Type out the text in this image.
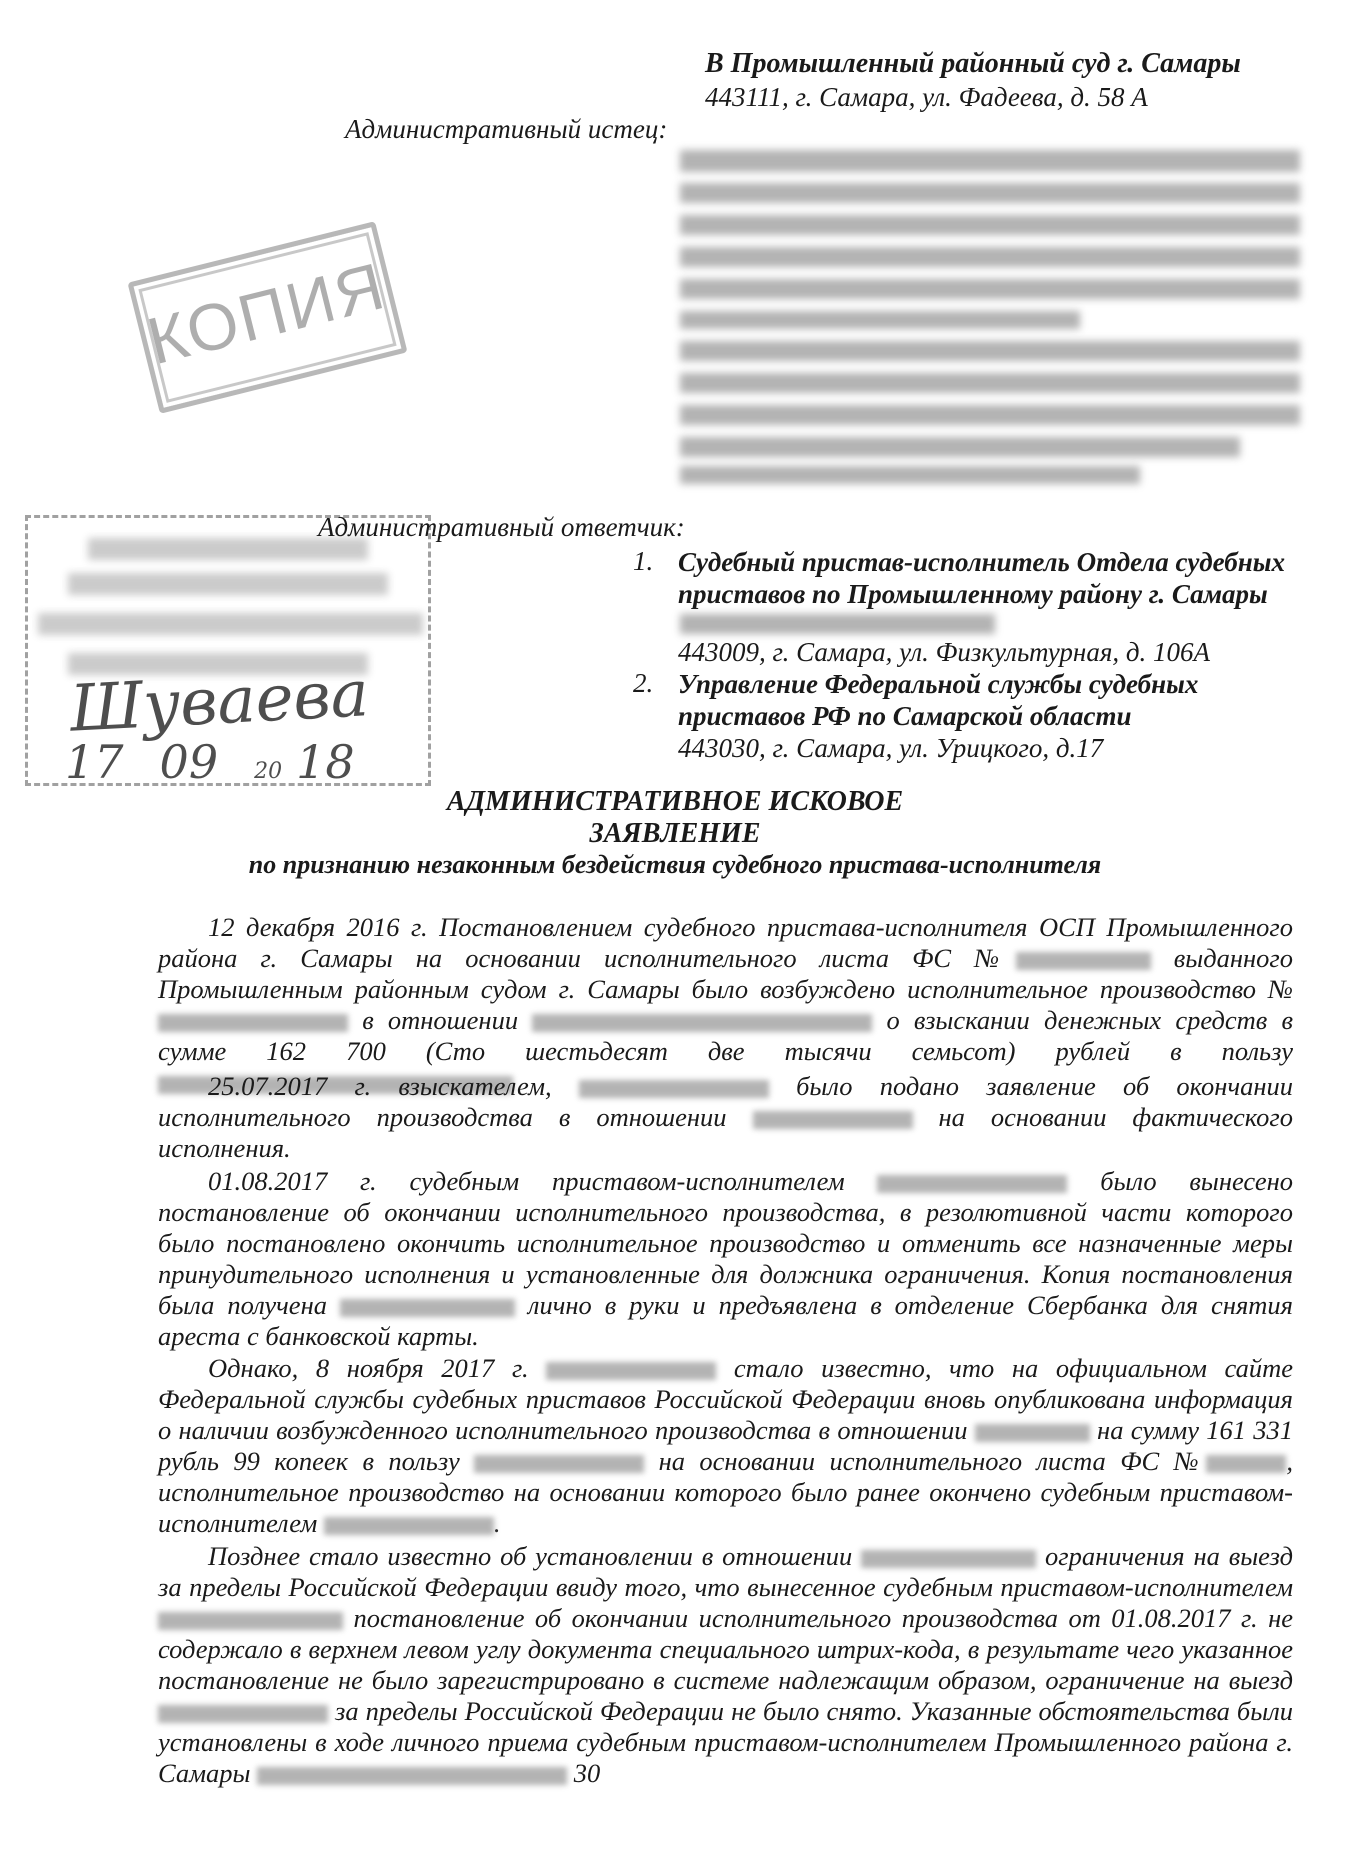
В Промышленный районный суд г. Самары
443111, г. Самара, ул. Фадеева, д. 58 А
Административный истец:
КОПИЯ
Шуваева
17 09 20 18
Административный ответчик:
1. Судебный пристав-исполнитель Отдела судебных
приставов по Промышленному району г. Самары
443009, г. Самара, ул. Физкультурная, д. 106А
2. Управление Федеральной службы судебных
приставов РФ по Самарской области
443030, г. Самара, ул. Урицкого, д.17
АДМИНИСТРАТИВНОЕ ИСКОВОЕ
ЗАЯВЛЕНИЕ
по признанию незаконным бездействия судебного пристава-исполнителя
12 декабря 2016 г. Постановлением судебного пристава-исполнителя ОСП Промышленного района г. Самары на основании исполнительного листа ФС №	выданного Промышленным районным судом г. Самары было возбуждено исполнительное производство № в отношении	о взыскании денежных средств в сумме 162 700 (Сто шестьдесят две тысячи семьсот) рублей в пользу
25.07.2017 г. взыскателем,	было подано заявление об окончании исполнительного производства в отношении	на основании фактического исполнения.
01.08.2017 г. судебным приставом-исполнителем	было вынесено постановление об окончании исполнительного производства, в резолютивной части которого было постановлено окончить исполнительное производство и отменить все назначенные меры принудительного исполнения и установленные для должника ограничения. Копия постановления была получена	лично в руки и предъявлена в отделение Сбербанка для снятия ареста с банковской карты.
Однако, 8 ноября 2017 г.	стало известно, что на официальном сайте Федеральной службы судебных приставов Российской Федерации вновь опубликована информация о наличии возбужденного исполнительного производства в отношении	на сумму 161 331 рубль 99 копеек в пользу	на основании исполнительного листа ФС №	, исполнительное производство на основании которого было ранее окончено судебным приставом-исполнителем	.
Позднее стало известно об установлении в отношении	ограничения на выезд за пределы Российской Федерации ввиду того, что вынесенное судебным приставом-исполнителем  постановление об окончании исполнительного производства от 01.08.2017 г. не содержало в верхнем левом углу документа специального штрих-кода, в результате чего указанное постановление не было зарегистрировано в системе надлежащим образом, ограничение на выезд  за пределы Российской Федерации не было снято. Указанные обстоятельства были установлены в ходе личного приема судебным приставом-исполнителем Промышленного района г. Самары	30
